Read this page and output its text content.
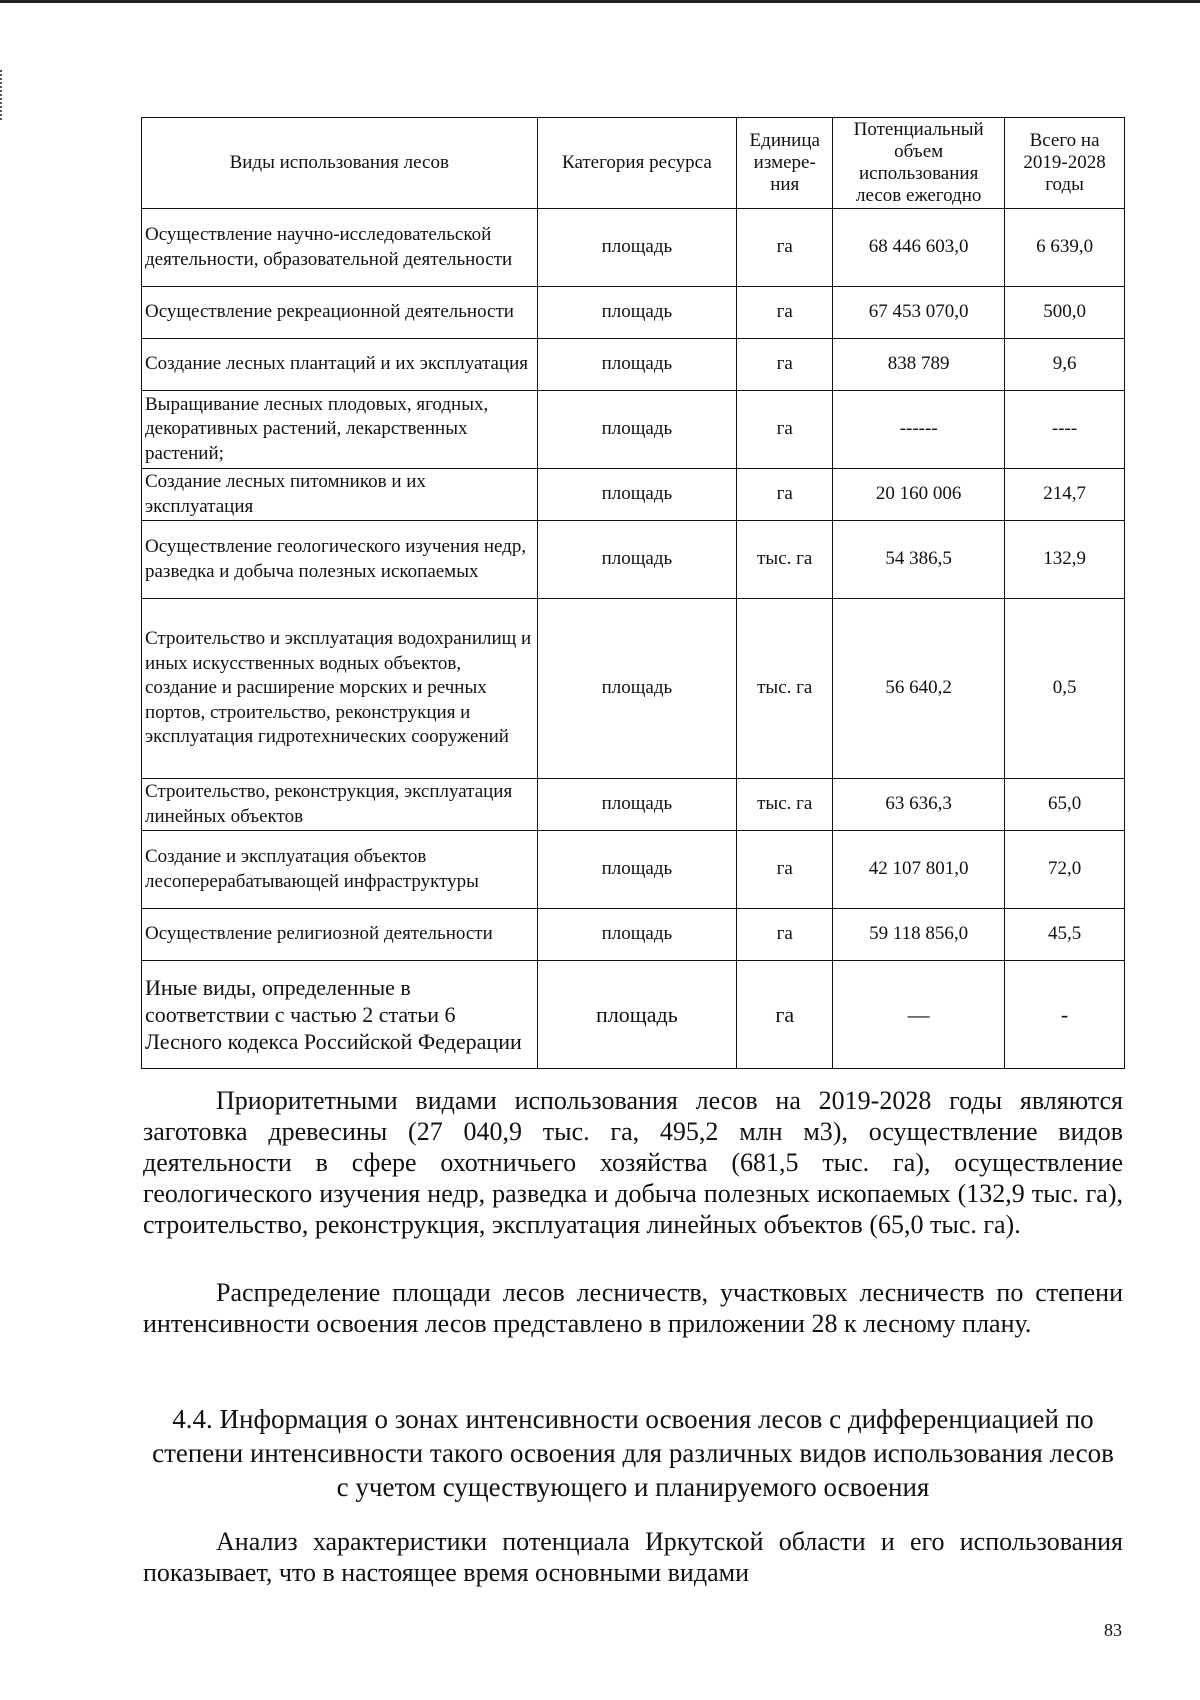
Виды использования лесов	Категория ресурса	Единица измере-ния	Потенциальный объем использования лесов ежегодно	Всего на 2019-2028 годы
Осуществление научно-исследовательской деятельности, образовательной деятельности	площадь	га	68 446 603,0	6 639,0
Осуществление рекреационной деятельности	площадь	га	67 453 070,0	500,0
Создание лесных плантаций и их эксплуатация	площадь	га	838 789	9,6
Выращивание лесных плодовых, ягодных, декоративных растений, лекарственных растений;	площадь	га	------	----
Создание лесных питомников и их эксплуатация	площадь	га	20 160 006	214,7
Осуществление геологического изучения недр, разведка и добыча полезных ископаемых	площадь	тыс. га	54 386,5	132,9
Строительство и эксплуатация водохранилищ и иных искусственных водных объектов, создание и расширение морских и речных портов, строительство, реконструкция и эксплуатация гидротехнических сооружений	площадь	тыс. га	56 640,2	0,5
Строительство, реконструкция, эксплуатация линейных объектов	площадь	тыс. га	63 636,3	65,0
Создание и эксплуатация объектов лесоперерабатывающей инфраструктуры	площадь	га	42 107 801,0	72,0
Осуществление религиозной деятельности	площадь	га	59 118 856,0	45,5
Иные виды, определенные в соответствии с частью 2 статьи 6 Лесного кодекса Российской Федерации	площадь	га	—	-

Приоритетными видами использования лесов на 2019-2028 годы являются заготовка древесины (27 040,9 тыс. га, 495,2 млн м3), осуществление видов деятельности в сфере охотничьего хозяйства (681,5 тыс. га), осуществление геологического изучения недр, разведка и добыча полезных ископаемых (132,9 тыс. га), строительство, реконструкция, эксплуатация линейных объектов (65,0 тыс. га).

Распределение площади лесов лесничеств, участковых лесничеств по степени интенсивности освоения лесов представлено в приложении 28 к лесному плану.

4.4. Информация о зонах интенсивности освоения лесов с дифференциацией по степени интенсивности такого освоения для различных видов использования лесов с учетом существующего и планируемого освоения

Анализ характеристики потенциала Иркутской области и его использования показывает, что в настоящее время основными видами

83
